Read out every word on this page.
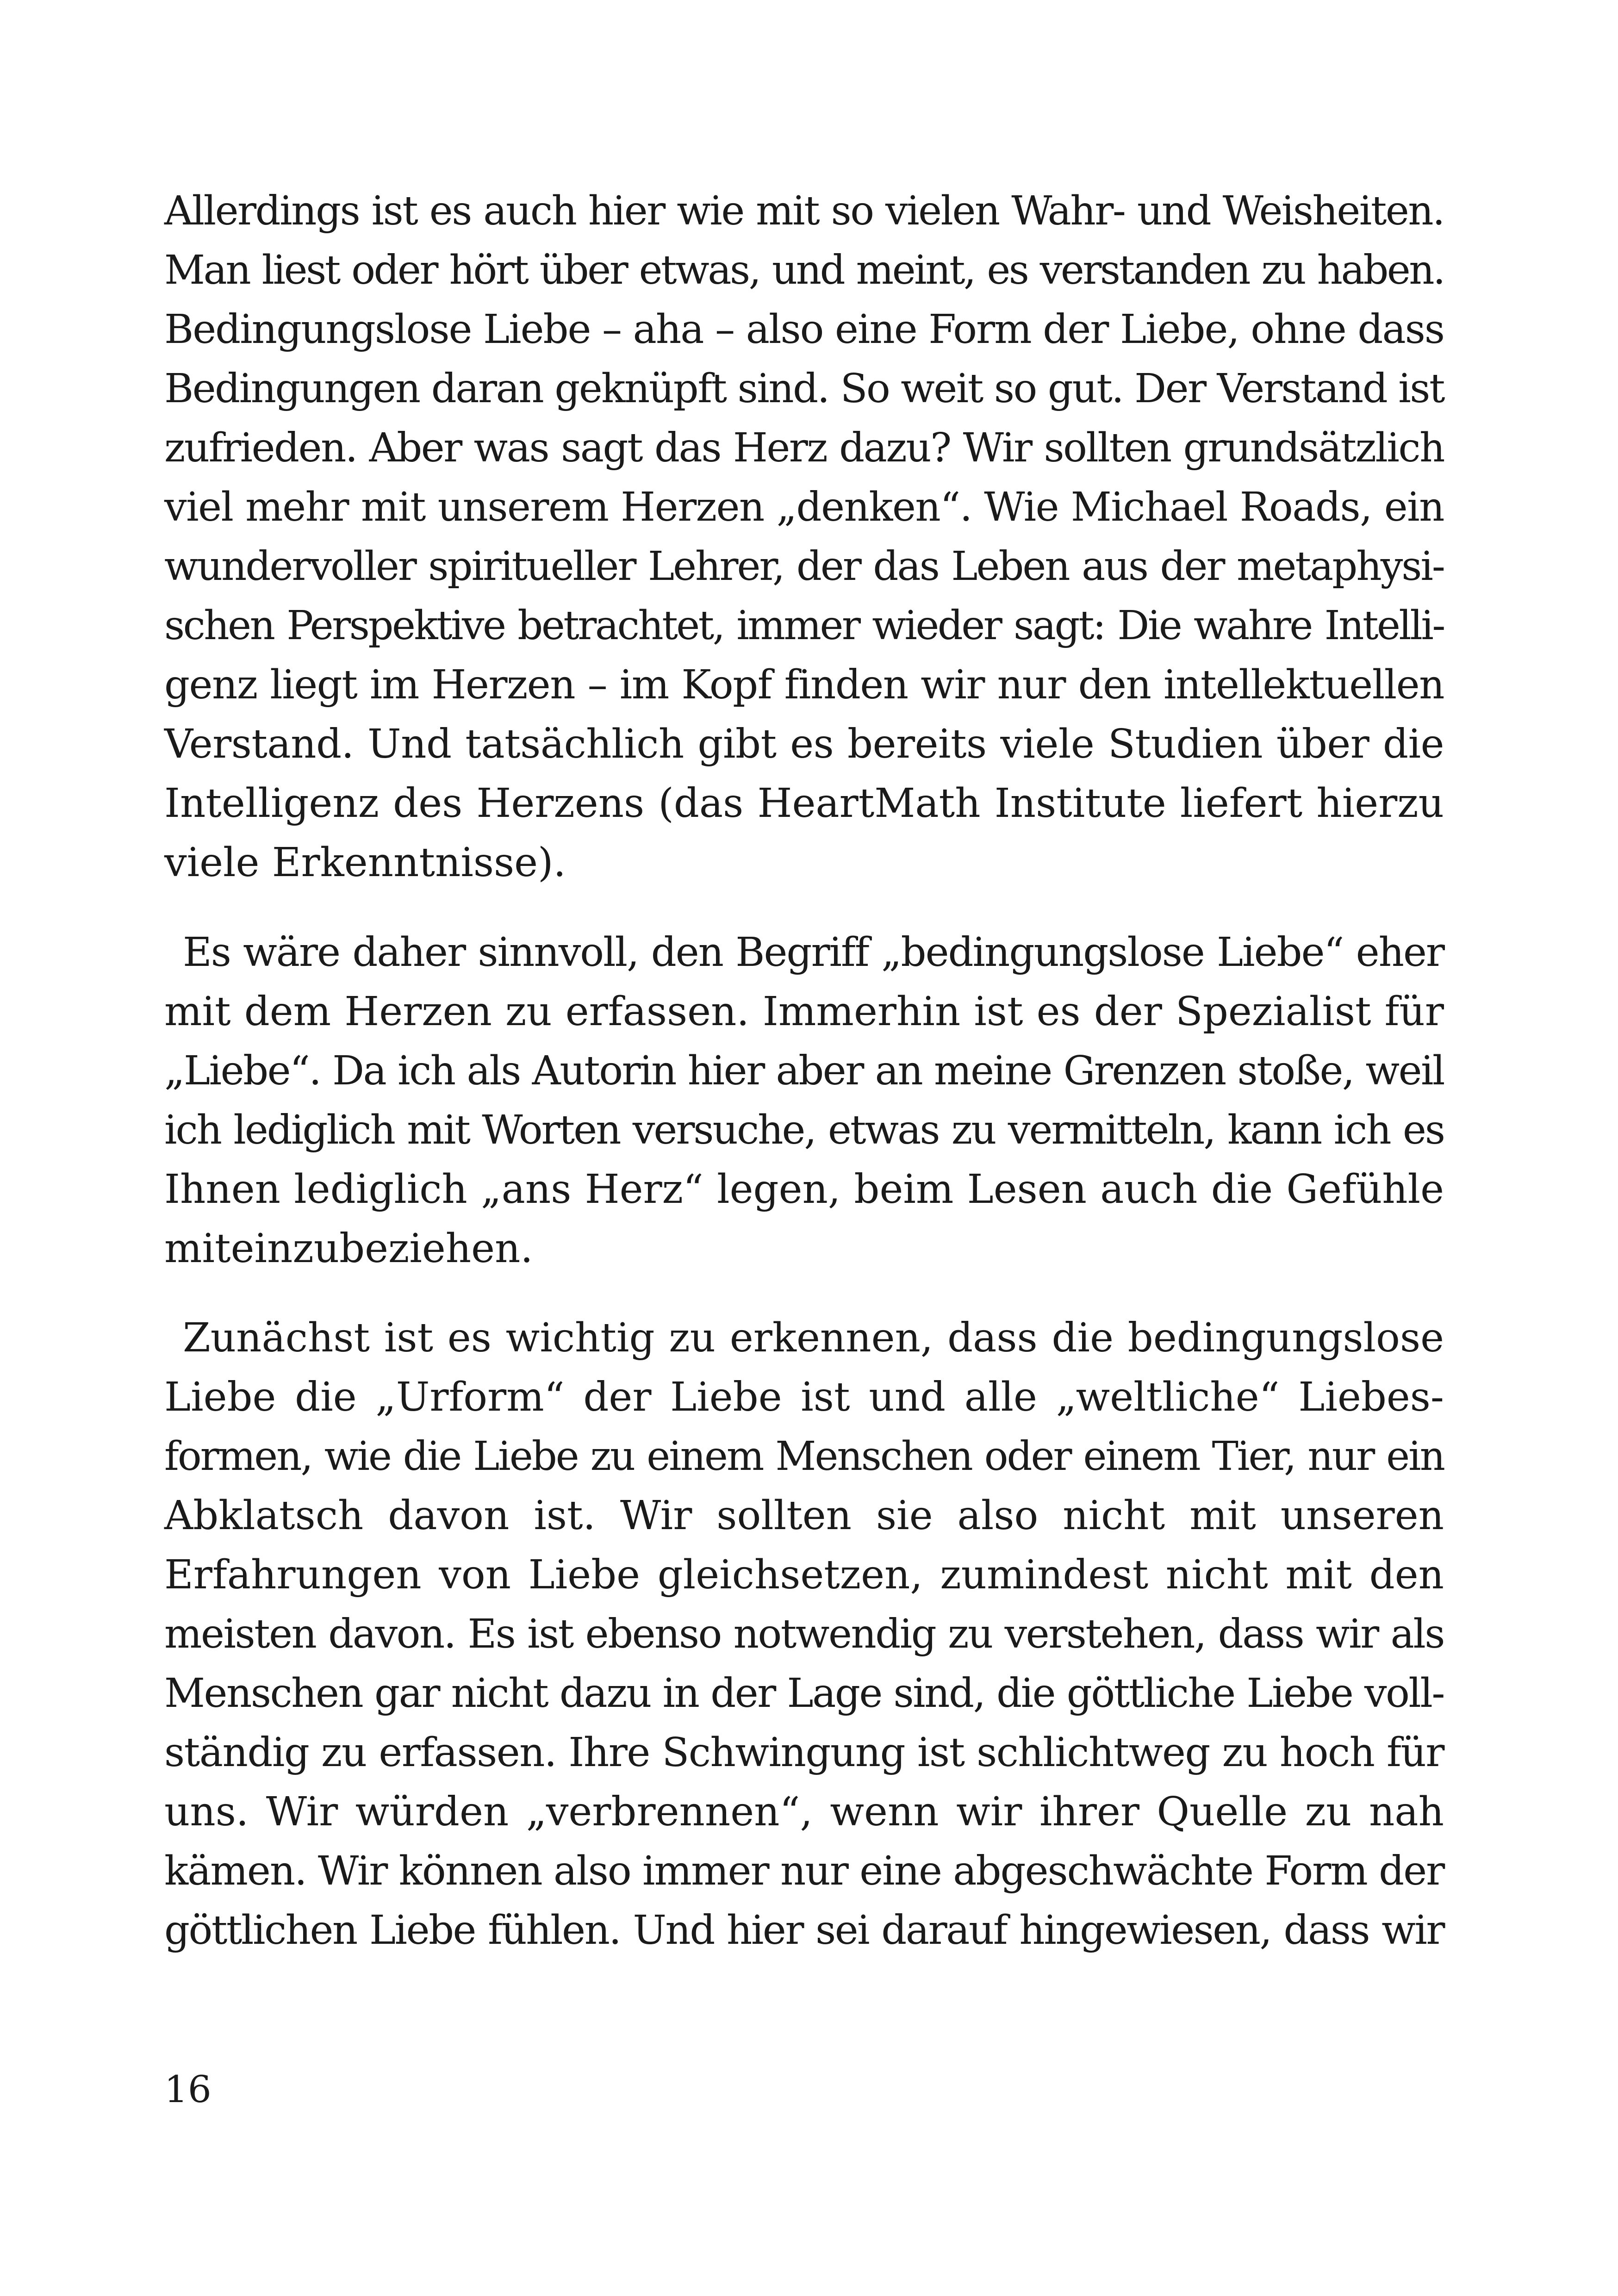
Allerdings ist es auch hier wie mit so vielen Wahr- und Weisheiten.
Man liest oder hört über etwas, und meint, es verstanden zu haben.
Bedingungslose Liebe – aha – also eine Form der Liebe, ohne dass
Bedingungen daran geknüpft sind. So weit so gut. Der Verstand ist
zufrieden. Aber was sagt das Herz dazu? Wir sollten grundsätzlich
viel mehr mit unserem Herzen „denken“. Wie Michael Roads, ein
wundervoller spiritueller Lehrer, der das Leben aus der metaphysi-
schen Perspektive betrachtet, immer wieder sagt: Die wahre Intelli-
genz liegt im Herzen – im Kopf finden wir nur den intellektuellen
Verstand. Und tatsächlich gibt es bereits viele Studien über die
Intelligenz des Herzens (das HeartMath Institute liefert hierzu
viele Erkenntnisse).
Es wäre daher sinnvoll, den Begriff „bedingungslose Liebe“ eher
mit dem Herzen zu erfassen. Immerhin ist es der Spezialist für
„Liebe“. Da ich als Autorin hier aber an meine Grenzen stoße, weil
ich lediglich mit Worten versuche, etwas zu vermitteln, kann ich es
Ihnen lediglich „ans Herz“ legen, beim Lesen auch die Gefühle
miteinzubeziehen.
Zunächst ist es wichtig zu erkennen, dass die bedingungslose
Liebe die „Urform“ der Liebe ist und alle „weltliche“ Liebes-
formen, wie die Liebe zu einem Menschen oder einem Tier, nur ein
Abklatsch davon ist. Wir sollten sie also nicht mit unseren
Erfahrungen von Liebe gleichsetzen, zumindest nicht mit den
meisten davon. Es ist ebenso notwendig zu verstehen, dass wir als
Menschen gar nicht dazu in der Lage sind, die göttliche Liebe voll-
ständig zu erfassen. Ihre Schwingung ist schlichtweg zu hoch für
uns. Wir würden „verbrennen“, wenn wir ihrer Quelle zu nah
kämen. Wir können also immer nur eine abgeschwächte Form der
göttlichen Liebe fühlen. Und hier sei darauf hingewiesen, dass wir
16
